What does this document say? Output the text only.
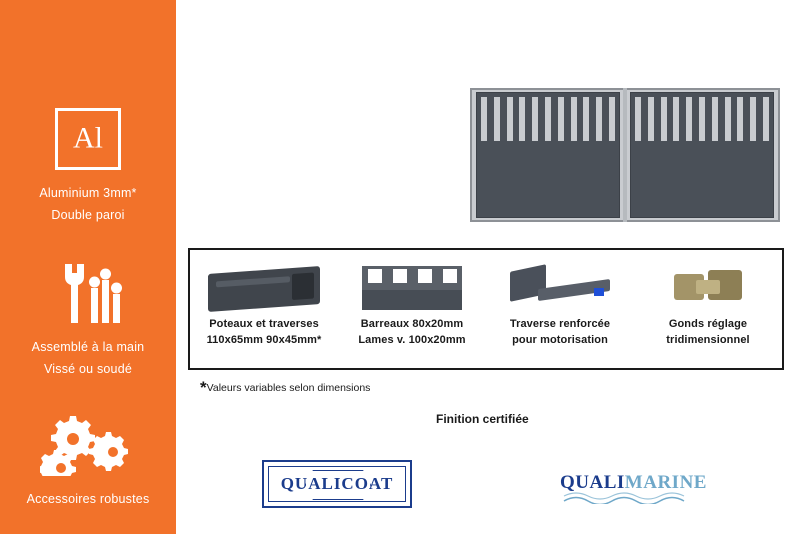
Al
Aluminium 3mm*
Double paroi
Assemblé à la main
Vissé ou soudé
Accessoires robustes
Portail semi plein
Poteaux et traverses
110x65mm 90x45mm*
Barreaux 80x20mm
Lames v. 100x20mm
Traverse renforcée
pour motorisation
Gonds réglage
tridimensionnel
*Valeurs variables selon dimensions
Finition certifiée
QUALICOAT	QUALIMARINE
